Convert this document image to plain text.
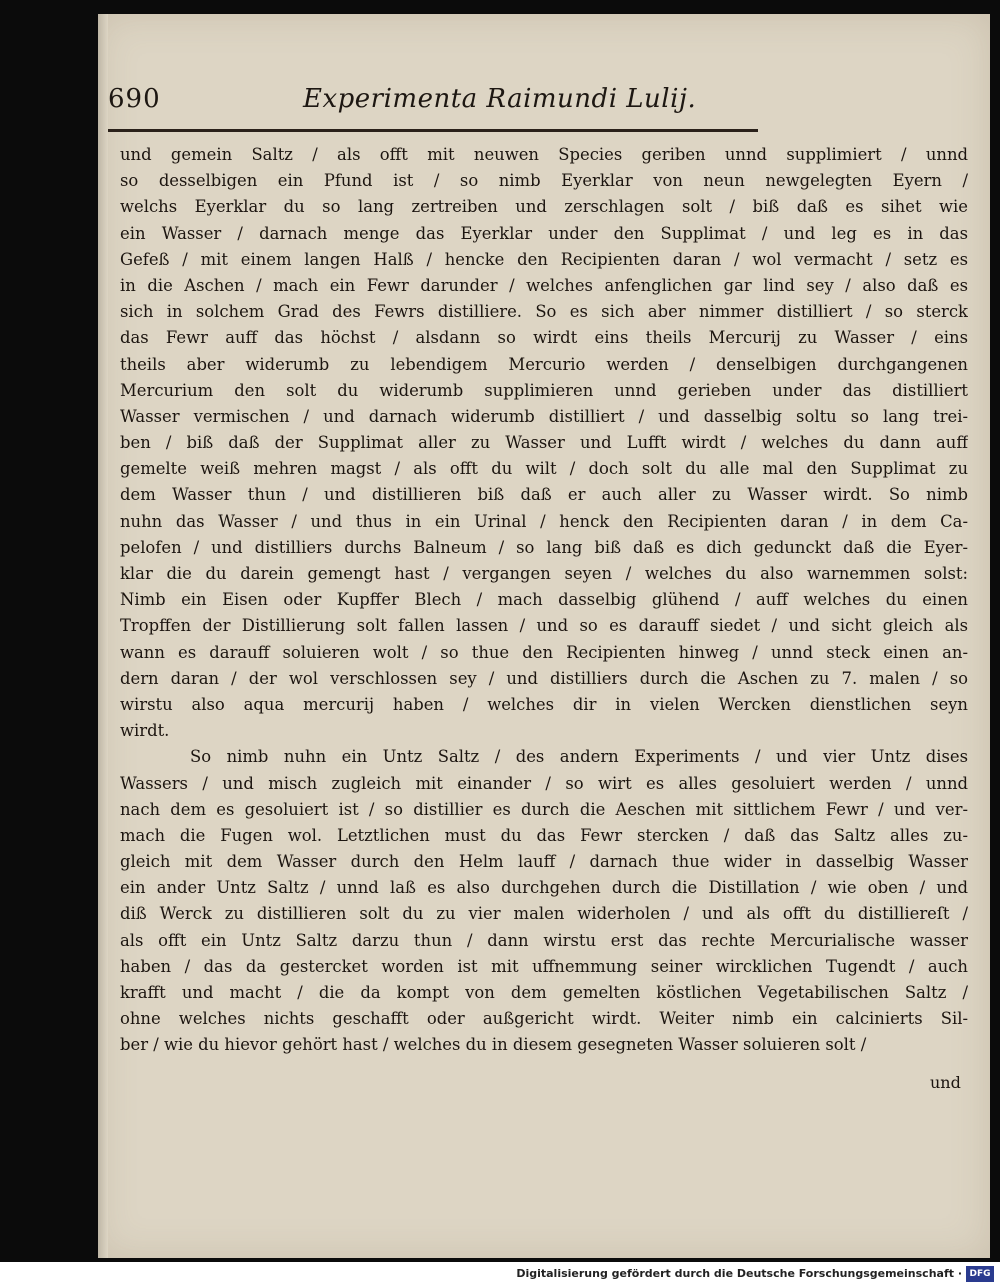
690	Experimenta Raimundi Lulij.
und gemein Saltz / als offt mit neuwen Species geriben unnd supplimiert / unnd
so desselbigen ein Pfund ist / so nimb Eyerklar von neun newgelegten Eyern /
welchs Eyerklar du so lang zertreiben und zerschlagen solt / biß daß es sihet wie
ein Wasser / darnach menge das Eyerklar under den Supplimat / und leg es in das
Gefeß / mit einem langen Halß / hencke den Recipienten daran / wol vermacht / setz es
in die Aschen / mach ein Fewr darunder / welches anfenglichen gar lind sey / also daß es
sich in solchem Grad des Fewrs distilliere. So es sich aber nimmer distilliert / so sterck
das Fewr auff das höchst / alsdann so wirdt eins theils Mercurij zu Wasser / eins
theils aber widerumb zu lebendigem Mercurio werden / denselbigen durchgangenen
Mercurium den solt du widerumb supplimieren unnd gerieben under das distilliert
Wasser vermischen / und darnach widerumb distilliert / und dasselbig soltu so lang trei-
ben / biß daß der Supplimat aller zu Wasser und Lufft wirdt / welches du dann auff
gemelte weiß mehren magst / als offt du wilt / doch solt du alle mal den Supplimat zu
dem Wasser thun / und distillieren biß daß er auch aller zu Wasser wirdt. So nimb
nuhn das Wasser / und thus in ein Urinal / henck den Recipienten daran / in dem Ca-
pelofen / und distilliers durchs Balneum / so lang biß daß es dich gedunckt daß die Eyer-
klar die du darein gemengt hast / vergangen seyen / welches du also warnemmen solst:
Nimb ein Eisen oder Kupffer Blech / mach dasselbig glühend / auff welches du einen
Tropffen der Distillierung solt fallen lassen / und so es darauff siedet / und sicht gleich als
wann es darauff soluieren wolt / so thue den Recipienten hinweg / unnd steck einen an-
dern daran / der wol verschlossen sey / und distilliers durch die Aschen zu 7. malen / so
wirstu also aqua mercurij haben / welches dir in vielen Wercken dienstlichen seyn
wirdt.
So nimb nuhn ein Untz Saltz / des andern Experiments / und vier Untz dises
Wassers / und misch zugleich mit einander / so wirt es alles gesoluiert werden / unnd
nach dem es gesoluiert ist / so distillier es durch die Aeschen mit sittlichem Fewr / und ver-
mach die Fugen wol. Letztlichen must du das Fewr stercken / daß das Saltz alles zu-
gleich mit dem Wasser durch den Helm lauff / darnach thue wider in dasselbig Wasser
ein ander Untz Saltz / unnd laß es also durchgehen durch die Distillation / wie oben / und
diß Werck zu distillieren solt du zu vier malen widerholen / und als offt du distilliereſt /
als offt ein Untz Saltz darzu thun / dann wirstu erst das rechte Mercurialische wasser
haben / das da gestercket worden ist mit uffnemmung seiner wircklichen Tugendt / auch
krafft und macht / die da kompt von dem gemelten köstlichen Vegetabilischen Saltz /
ohne welches nichts geschafft oder außgericht wirdt. Weiter nimb ein calcinierts Sil-
ber / wie du hievor gehört hast / welches du in diesem gesegneten Wasser soluieren solt /
und
Digitalisierung gefördert durch die Deutsche Forschungsgemeinschaft · DFG
